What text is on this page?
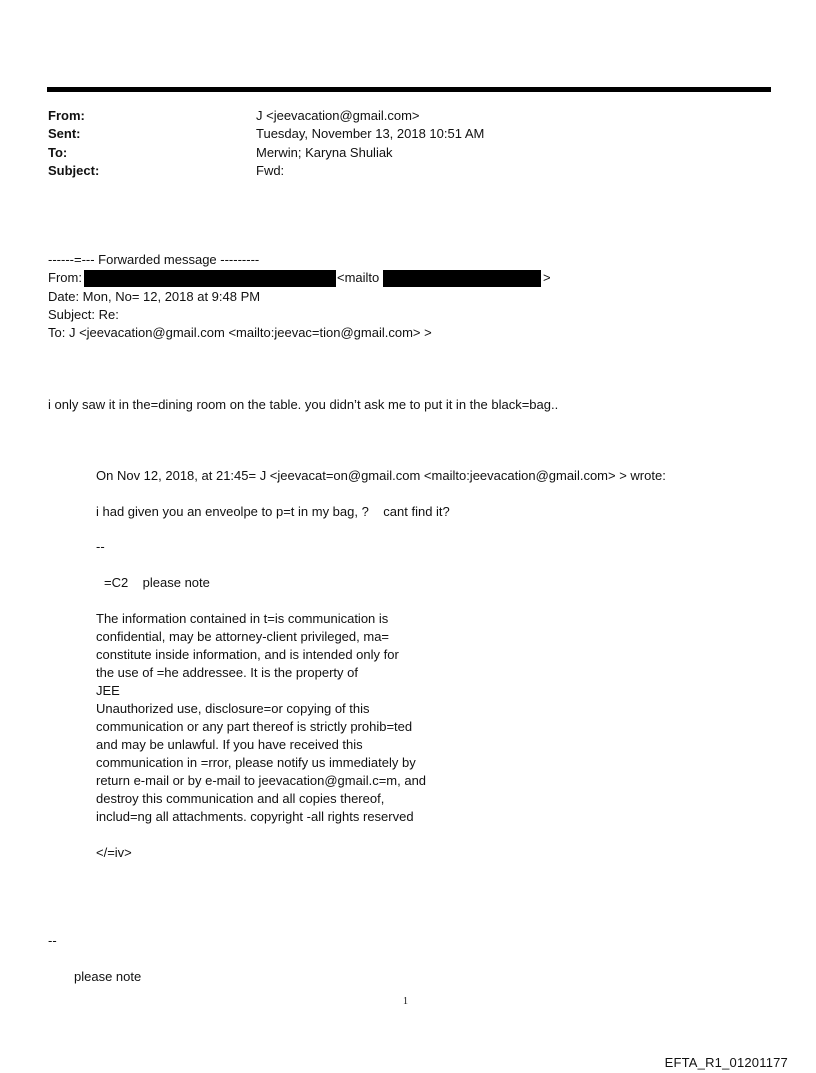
From:	J <jeevacation@gmail.com>
Sent:	Tuesday, November 13, 2018 10:51 AM
To:	Merwin; Karyna Shuliak
Subject:	Fwd:
------=--- Forwarded message ---------
From:	<mailto	>
Date: Mon, No= 12, 2018 at 9:48 PM
Subject: Re:
To: J <jeevacation@gmail.com <mailto:jeevac=tion@gmail.com> >
i only saw it in the=dining room on the table. you didn’t ask me to put it in the black=bag..
On Nov 12, 2018, at 21:45= J <jeevacat=on@gmail.com <mailto:jeevacation@gmail.com> > wrote:
i had given you an enveolpe to p=t in my bag, ?    cant find it?
--
=C2    please note
The information contained in t=is communication is
confidential, may be attorney-client privileged, ma=
constitute inside information, and is intended only for
the use of =he addressee. It is the property of
JEE
Unauthorized use, disclosure=or copying of this
communication or any part thereof is strictly prohib=ted
and may be unlawful. If you have received this
communication in =rror, please notify us immediately by
return e-mail or by e-mail to jeevacation@gmail.c=m, and
destroy this communication and all copies thereof,
includ=ng all attachments. copyright -all rights reserved
</=iv>
--
please note
1
EFTA_R1_01201177
